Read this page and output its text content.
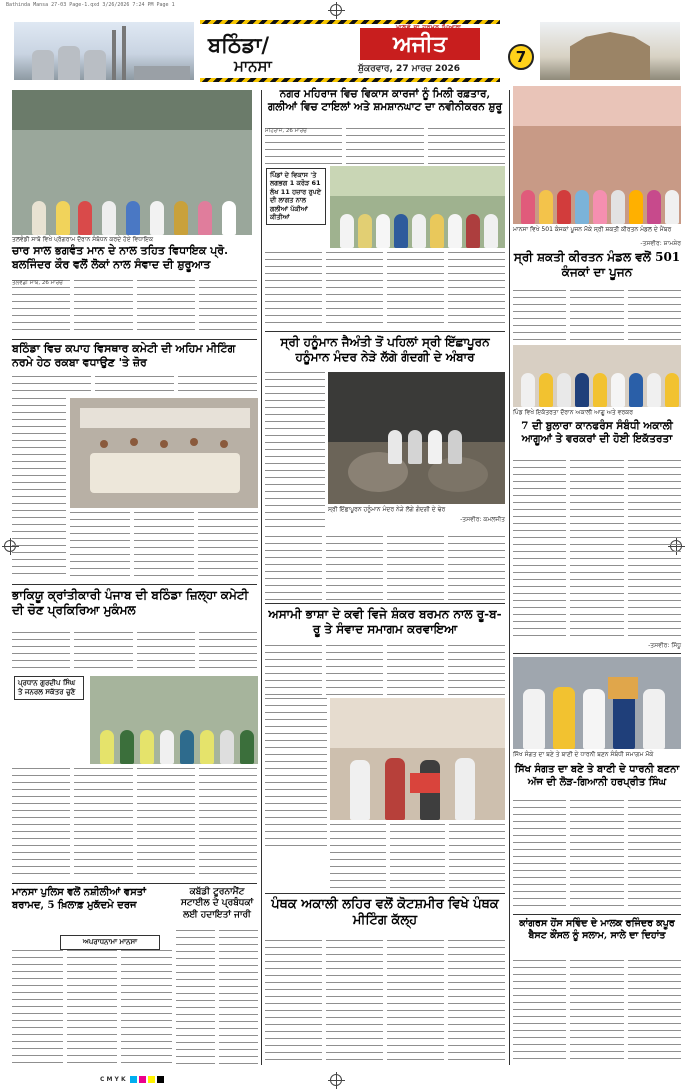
Bathinda Mansa 27-03 Page-1.qxd 3/26/2026 7:24 PM Page 1
ਬਠਿੰਡਾ/
ਮਾਨਸਾ
ਅਜੀਤ
ਸ਼ੁੱਕਰਵਾਰ, 27 ਮਾਰਚ 2026
7
ਤਲਵੰਡੀ ਸਾਬੋ ਵਿਖੇ ਪ੍ਰੋਗਰਾਮ ਦੌਰਾਨ ਸੰਬੋਧਨ ਕਰਦੇ ਹੋਏ ਵਿਧਾਇਕ
ਚਾਰ ਸਾਲ ਭਗਵੰਤ ਮਾਨ ਦੇ ਨਾਲ ਤਹਿਤ ਵਿਧਾਇਕ ਪ੍ਰੋ. ਬਲਜਿੰਦਰ ਕੌਰ ਵਲੋਂ ਲੋਕਾਂ ਨਾਲ ਸੰਵਾਦ ਦੀ ਸ਼ੁਰੂਆਤ
ਤਲਵੰਡੀ ਸਾਬੋ, 26 ਮਾਰਚ
ਬਠਿੰਡਾ ਵਿਚ ਕਪਾਹ ਵਿਸਥਾਰ ਕਮੇਟੀ ਦੀ ਅਹਿਮ ਮੀਟਿੰਗ ਨਰਮੇ ਹੇਠ ਰਕਬਾ ਵਧਾਉਣ 'ਤੇ ਜ਼ੋਰ
ਭਾਕਿਯੂ ਕ੍ਰਾਂਤੀਕਾਰੀ ਪੰਜਾਬ ਦੀ ਬਠਿੰਡਾ ਜ਼ਿਲ੍ਹਾ ਕਮੇਟੀ ਦੀ ਚੋਣ ਪ੍ਰਕਿਰਿਆ ਮੁਕੰਮਲ
ਪ੍ਰਧਾਨ ਗੁਰਦੀਪ ਸਿੰਘ ਤੇ ਜਨਰਲ ਸਕੱਤਰ ਚੁਣੇ
ਮਾਨਸਾ ਪੁਲਿਸ ਵਲੋਂ ਨਸ਼ੀਲੀਆਂ ਵਸਤਾਂ ਬਰਾਮਦ, 5 ਖ਼ਿਲਾਫ਼ ਮੁਕੱਦਮੇ ਦਰਜ
ਅਪਰਾਧਨਾਮਾ ਮਾਨਸਾ
ਕਬੱਡੀ ਟੂਰਨਾਮੈਂਟ ਸਟਾਈਲ ਦੇ ਪ੍ਰਬੰਧਕਾਂ ਲਈ ਹਦਾਇਤਾਂ ਜਾਰੀ
ਨਗਰ ਮਹਿਰਾਜ ਵਿਚ ਵਿਕਾਸ ਕਾਰਜਾਂ ਨੂੰ ਮਿਲੀ ਰਫ਼ਤਾਰ, ਗਲੀਆਂ ਵਿਚ ਟਾਇਲਾਂ ਅਤੇ ਸ਼ਮਸ਼ਾਨਘਾਟ ਦਾ ਨਵੀਨੀਕਰਨ ਸ਼ੁਰੂ
ਮਹਿਰਾਜ, 26 ਮਾਰਚ
ਪਿੰਡਾਂ ਦੇ ਵਿਕਾਸ 'ਤੇ ਲਗਭਗ 1 ਕਰੋੜ 61 ਲੱਖ 11 ਹਜ਼ਾਰ ਰੁਪਏ ਦੀ ਲਾਗਤ ਨਾਲ ਗਲੀਆਂ ਪੱਕੀਆਂ ਕੀਤੀਆਂ
ਸ੍ਰੀ ਹਨੂੰਮਾਨ ਜੈਅੰਤੀ ਤੋਂ ਪਹਿਲਾਂ ਸ੍ਰੀ ਇੱਛਾਪੂਰਨ ਹਨੂੰਮਾਨ ਮੰਦਰ ਨੇੜੇ ਲੱਗੇ ਗੰਦਗੀ ਦੇ ਅੰਬਾਰ
ਸ੍ਰੀ ਇੱਛਾਪੂਰਨ ਹਨੂੰਮਾਨ ਮੰਦਰ ਨੇੜੇ ਲੱਗੇ ਗੰਦਗੀ ਦੇ ਢੇਰ
-ਤਸਵੀਰ: ਕਮਲਜੀਤ
ਅਸਾਮੀ ਭਾਸ਼ਾ ਦੇ ਕਵੀ ਵਿਜੇ ਸ਼ੰਕਰ ਬਰਮਨ ਨਾਲ ਰੂ-ਬ-ਰੂ ਤੇ ਸੰਵਾਦ ਸਮਾਗਮ ਕਰਵਾਇਆ
ਪੰਥਕ ਅਕਾਲੀ ਲਹਿਰ ਵਲੋਂ ਕੋਟਸ਼ਮੀਰ ਵਿਖੇ ਪੰਥਕ ਮੀਟਿੰਗ ਕੱਲ੍ਹ
ਮਾਨਸਾ ਵਿਖੇ 501 ਕੰਜਕਾਂ ਪੂਜਨ ਮੌਕੇ ਸ੍ਰੀ ਸ਼ਕਤੀ ਕੀਰਤਨ ਮੰਡਲ ਦੇ ਮੈਂਬਰ
-ਤਸਵੀਰ: ਸ਼ਾਮਸ਼ੇਰ
ਸ੍ਰੀ ਸ਼ਕਤੀ ਕੀਰਤਨ ਮੰਡਲ ਵਲੋਂ 501 ਕੰਜਕਾਂ ਦਾ ਪੂਜਨ
ਪਿੰਡ ਵਿਖੇ ਇਕੱਤਰਤਾ ਦੌਰਾਨ ਅਕਾਲੀ ਆਗੂ ਅਤੇ ਵਰਕਰ
7 ਦੀ ਬੁਲਾਰਾ ਕਾਨਫਰੰਸ ਸੰਬੰਧੀ ਅਕਾਲੀ ਆਗੂਆਂ ਤੇ ਵਰਕਰਾਂ ਦੀ ਹੋਈ ਇਕੱਤਰਤਾ
-ਤਸਵੀਰ: ਸਿੱਧੂ
ਸਿੱਖ ਸੰਗਤ ਦਾ ਬਣੇ ਤੇ ਬਾਣੀ ਦੇ ਧਾਰਨੀ ਬਣਨ ਸੰਬੰਧੀ ਸਮਾਗਮ ਮੌਕੇ
ਸਿੱਖ ਸੰਗਤ ਦਾ ਬਣੇ ਤੇ ਬਾਣੀ ਦੇ ਧਾਰਨੀ ਬਣਨਾ ਅੱਜ ਦੀ ਲੋੜ-ਗਿਆਨੀ ਹਰਪ੍ਰੀਤ ਸਿੰਘ
ਕਾਂਗਰਸ ਹੋਂਸ ਸਵਿੰਦ ਦੇ ਮਾਲਕ ਰਜਿੰਦਰ ਕਪੂਰ ਬੈਸਟ ਕੌਂਸਲ ਨੂੰ ਸਲਾਮ, ਸਾਲੇ ਦਾ ਦਿਹਾਂਤ
C M Y K
